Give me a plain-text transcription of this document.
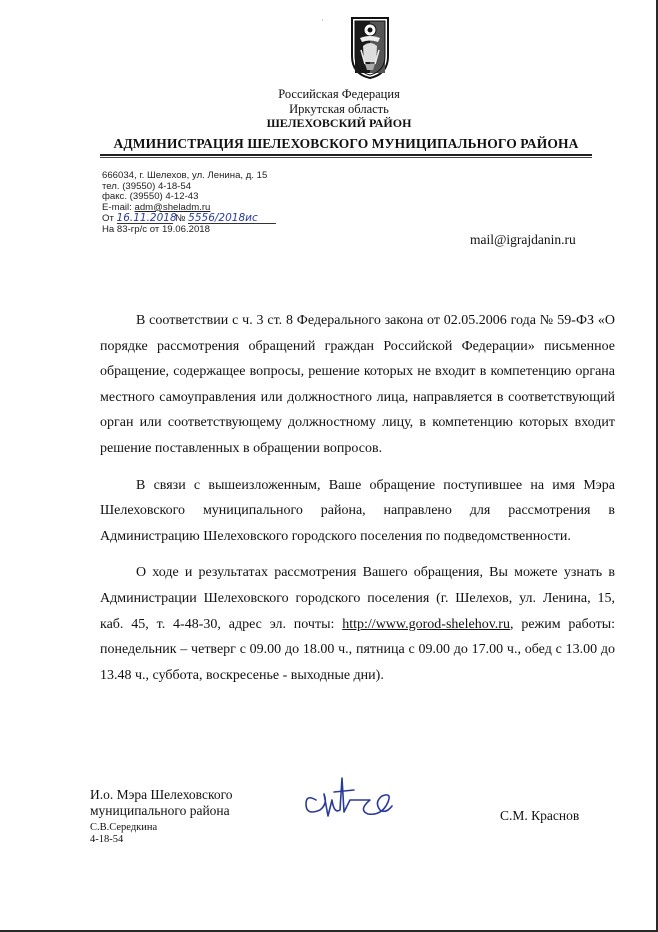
ˈ
Российская Федерация
Иркутская область
ШЕЛЕХОВСКИЙ РАЙОН
АДМИНИСТРАЦИЯ ШЕЛЕХОВСКОГО МУНИЦИПАЛЬНОГО РАЙОНА
666034, г. Шелехов, ул. Ленина, д. 15
тел. (39550) 4-18-54
факс. (39550) 4-12-43
E-mail: adm@sheladm.ru
От 16.11.2018 № 5556/2018ис
На 83-гр/с от 19.06.2018
mail@igrajdanin.ru

В соответствии с ч. 3 ст. 8 Федерального закона от 02.05.2006 года № 59-ФЗ «О порядке рассмотрения обращений граждан Российской Федерации» письменное обращение, содержащее вопросы, решение которых не входит в компетенцию органа местного самоуправления или должностного лица, направляется в соответствующий орган или соответствующему должностному лицу, в компетенцию которых входит решение поставленных в обращении вопросов.

В связи с вышеизложенным, Ваше обращение поступившее на имя Мэра Шелеховского муниципального района, направлено для рассмотрения в Администрацию Шелеховского городского поселения по подведомственности.

О ходе и результатах рассмотрения Вашего обращения, Вы можете узнать в Администрации Шелеховского городского поселения (г. Шелехов, ул. Ленина, 15, каб. 45, т. 4-48-30, адрес эл. почты: http://www.gorod-shelehov.ru, режим работы: понедельник – четверг с 09.00 до 18.00 ч., пятница с 09.00 до 17.00 ч., обед с 13.00 до 13.48 ч., суббота, воскресенье - выходные дни).

И.о. Мэра Шелеховского
муниципального района
С.В.Середкина
4-18-54
С.М. Краснов
